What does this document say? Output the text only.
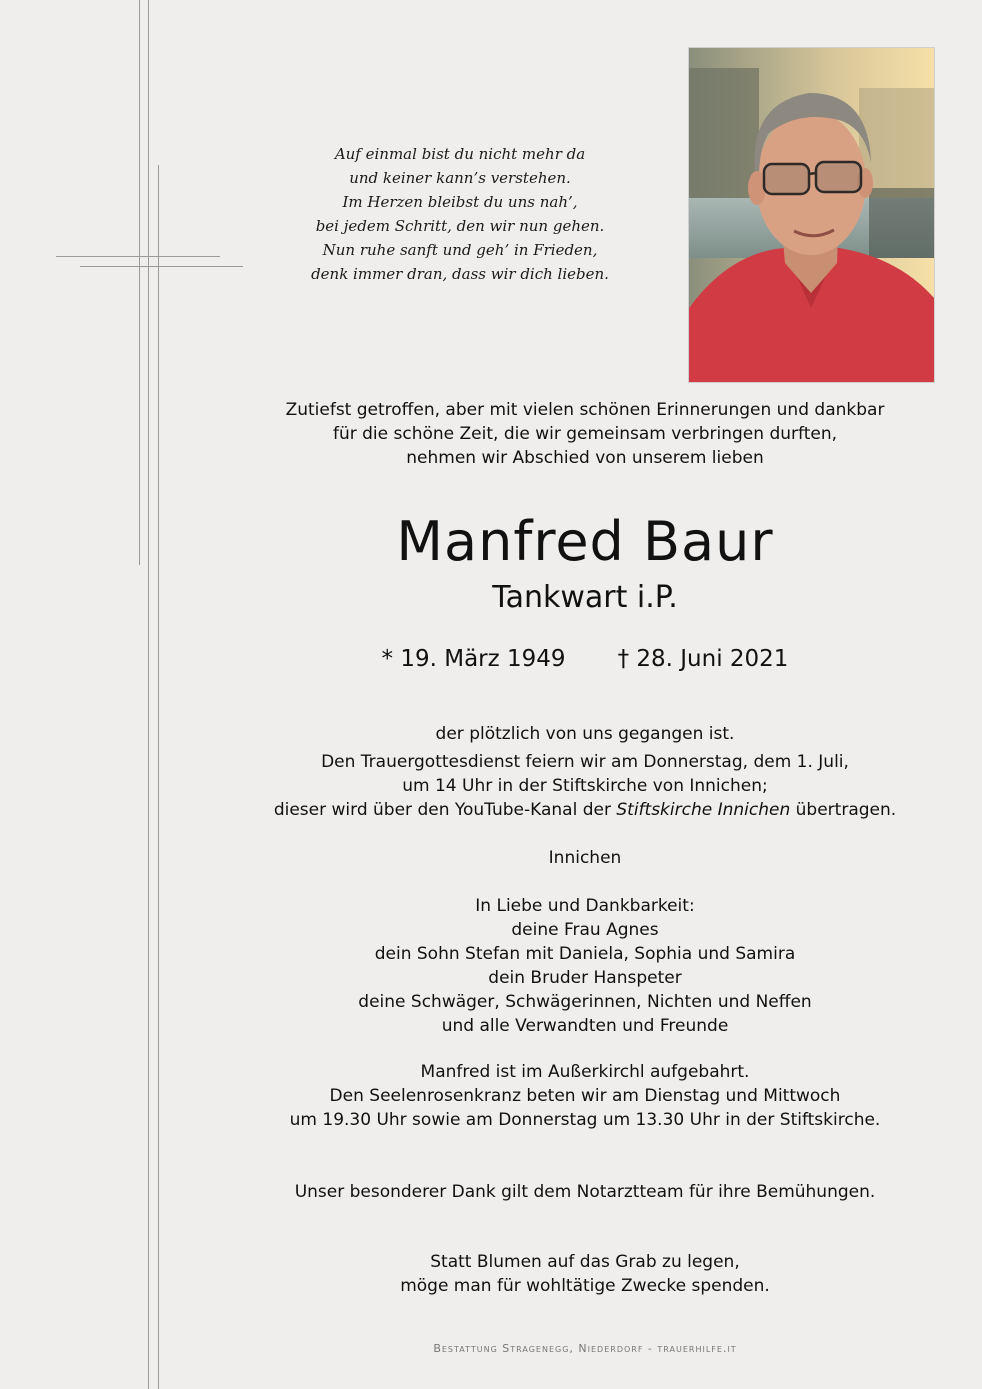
Auf einmal bist du nicht mehr da
und keiner kann’s verstehen.
Im Herzen bleibst du uns nah’,
bei jedem Schritt, den wir nun gehen.
Nun ruhe sanft und geh’ in Frieden,
denk immer dran, dass wir dich lieben.
Zutiefst getroffen, aber mit vielen schönen Erinnerungen und dankbar
für die schöne Zeit, die wir gemeinsam verbringen durften,
nehmen wir Abschied von unserem lieben
Manfred Baur
Tankwart i.P.
* 19. März 1949 † 28. Juni 2021
der plötzlich von uns gegangen ist.
Den Trauergottesdienst feiern wir am Donnerstag, dem 1. Juli,
um 14 Uhr in der Stiftskirche von Innichen;
dieser wird über den YouTube-Kanal der Stiftskirche Innichen übertragen.
Innichen
In Liebe und Dankbarkeit:
deine Frau Agnes
dein Sohn Stefan mit Daniela, Sophia und Samira
dein Bruder Hanspeter
deine Schwäger, Schwägerinnen, Nichten und Neffen
und alle Verwandten und Freunde
Manfred ist im Außerkirchl aufgebahrt.
Den Seelenrosenkranz beten wir am Dienstag und Mittwoch
um 19.30 Uhr sowie am Donnerstag um 13.30 Uhr in der Stiftskirche.
Unser besonderer Dank gilt dem Notarztteam für ihre Bemühungen.
Statt Blumen auf das Grab zu legen,
möge man für wohltätige Zwecke spenden.
Bestattung Stragenegg, Niederdorf - trauerhilfe.it
